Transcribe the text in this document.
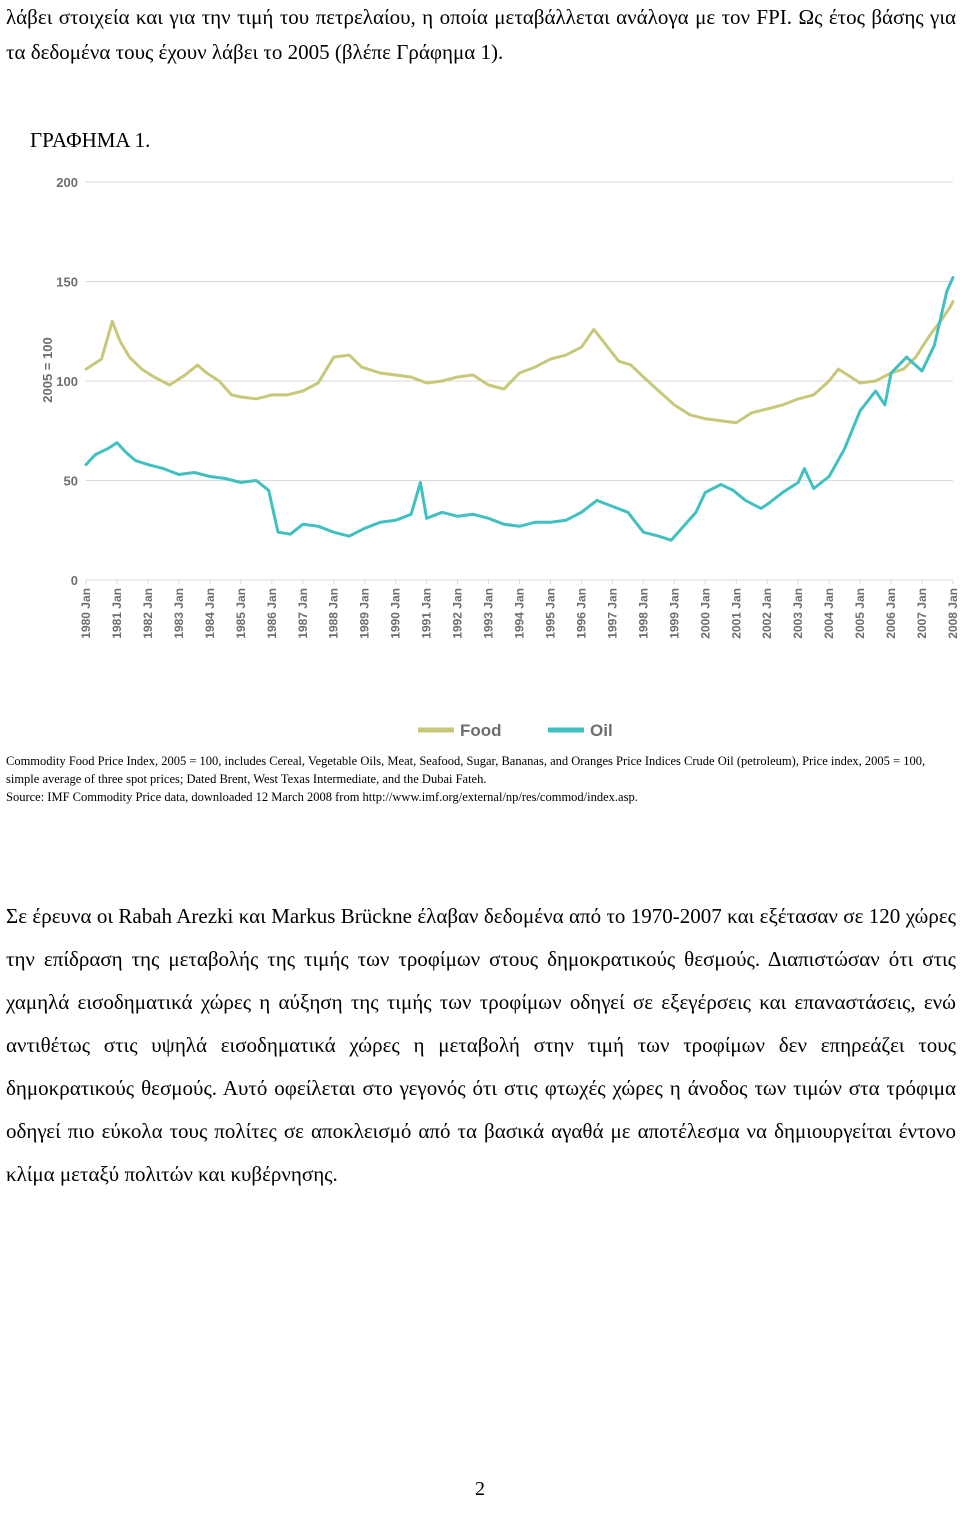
λάβει στοιχεία και για την τιμή του πετρελαίου, η οποία μεταβάλλεται ανάλογα με τον FPI. Ως έτος βάσης για τα δεδομένα τους έχουν λάβει το 2005 (βλέπε Γράφημα 1).

ΓΡΑΦΗΜΑ 1.
0
50
100
150
200
2005 = 100
1980 Jan 1981 Jan 1982 Jan 1983 Jan 1984 Jan 1985 Jan 1986 Jan 1987 Jan 1988 Jan 1989 Jan 1990 Jan 1991 Jan 1992 Jan 1993 Jan 1994 Jan 1995 Jan 1996 Jan 1997 Jan 1998 Jan 1999 Jan 2000 Jan 2001 Jan 2002 Jan 2003 Jan 2004 Jan 2005 Jan 2006 Jan 2007 Jan 2008 Jan
Food	Oil

Commodity Food Price Index, 2005 = 100, includes Cereal, Vegetable Oils, Meat, Seafood, Sugar, Bananas, and Oranges Price Indices Crude Oil (petroleum), Price index, 2005 = 100, simple average of three spot prices; Dated Brent, West Texas Intermediate, and the Dubai Fateh.

Source: IMF Commodity Price data, downloaded 12 March 2008 from http://www.imf.org/external/np/res/commod/index.asp.

Σε έρευνα οι Rabah Arezki και Markus Brückne έλαβαν δεδομένα από το 1970-2007 και εξέτασαν σε 120 χώρες την επίδραση της μεταβολής της τιμής των τροφίμων στους δημοκρατικούς θεσμούς. Διαπιστώσαν ότι στις χαμηλά εισοδηματικά χώρες η αύξηση της τιμής των τροφίμων οδηγεί σε εξεγέρσεις και επαναστάσεις, ενώ αντιθέτως στις υψηλά εισοδηματικά χώρες η μεταβολή στην τιμή των τροφίμων δεν επηρεάζει τους δημοκρατικούς θεσμούς. Αυτό οφείλεται στο γεγονός ότι στις φτωχές χώρες η άνοδος των τιμών στα τρόφιμα οδηγεί πιο εύκολα τους πολίτες σε αποκλεισμό από τα βασικά αγαθά με αποτέλεσμα να δημιουργείται έντονο κλίμα μεταξύ πολιτών και κυβέρνησης.

2
